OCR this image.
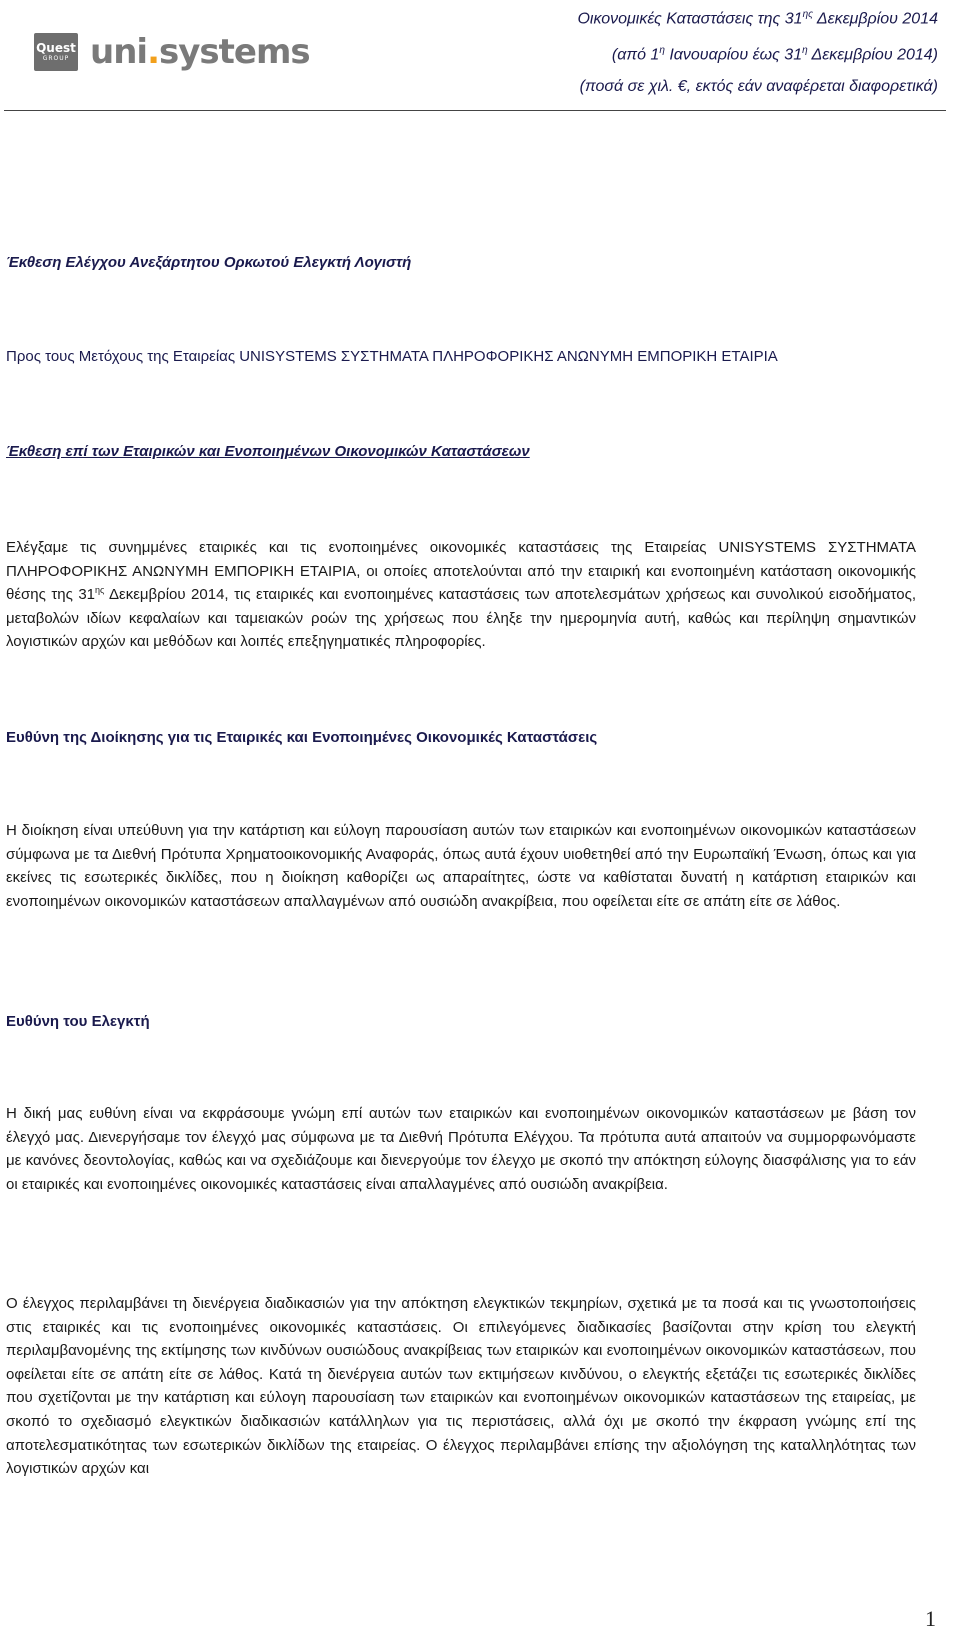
Quest
GROUP uni.systems
Οικονομικές Καταστάσεις της $31^{\eta\varsigma}$ Δεκεμβρίου 2014
(από $1^\eta$ Ιανουαρίου έως $31^\eta$ Δεκεμβρίου 2014)
(ποσά σε χιλ. €, εκτός εάν αναφέρεται διαφορετικά)
Έκθεση Ελέγχου Ανεξάρτητου Ορκωτού Ελεγκτή Λογιστή
Προς τους Μετόχους της Εταιρείας UNISYSTEMS ΣΥΣΤΗΜΑΤΑ ΠΛΗΡΟΦΟΡΙΚΗΣ ΑΝΩΝΥΜΗ ΕΜΠΟΡΙΚΗ ΕΤΑΙΡΙΑ
Έκθεση επί των Εταιρικών και Ενοποιημένων Οικονομικών Καταστάσεων
Ελέγξαμε τις συνημμένες εταιρικές και τις ενοποιημένες οικονομικές καταστάσεις της Εταιρείας UNISYSTEMS ΣΥΣΤΗΜΑΤΑ ΠΛΗΡΟΦΟΡΙΚΗΣ ΑΝΩΝΥΜΗ ΕΜΠΟΡΙΚΗ ΕΤΑΙΡΙΑ, οι οποίες αποτελούνται από την εταιρική και ενοποιημένη κατάσταση οικονομικής θέσης της $31^{\eta\varsigma}$ Δεκεμβρίου 2014, τις εταιρικές και ενοποιημένες καταστάσεις των αποτελεσμάτων χρήσεως και συνολικού εισοδήματος, μεταβολών ιδίων κεφαλαίων και ταμειακών ροών της χρήσεως που έληξε την ημερομηνία αυτή, καθώς και περίληψη σημαντικών λογιστικών αρχών και μεθόδων και λοιπές επεξηγηματικές πληροφορίες.
Ευθύνη της Διοίκησης για τις Εταιρικές και Ενοποιημένες Οικονομικές Καταστάσεις
Η διοίκηση είναι υπεύθυνη για την κατάρτιση και εύλογη παρουσίαση αυτών των εταιρικών και ενοποιημένων οικονομικών καταστάσεων σύμφωνα με τα Διεθνή Πρότυπα Χρηματοοικονομικής Αναφοράς, όπως αυτά έχουν υιοθετηθεί από την Ευρωπαϊκή Ένωση, όπως και για εκείνες τις εσωτερικές δικλίδες, που η διοίκηση καθορίζει ως απαραίτητες, ώστε να καθίσταται δυνατή η κατάρτιση εταιρικών και ενοποιημένων οικονομικών καταστάσεων απαλλαγμένων από ουσιώδη ανακρίβεια, που οφείλεται είτε σε απάτη είτε σε λάθος.
Ευθύνη του Ελεγκτή
Η δική μας ευθύνη είναι να εκφράσουμε γνώμη επί αυτών των εταιρικών και ενοποιημένων οικονομικών καταστάσεων με βάση τον έλεγχό μας. Διενεργήσαμε τον έλεγχό μας σύμφωνα με τα Διεθνή Πρότυπα Ελέγχου. Τα πρότυπα αυτά απαιτούν να συμμορφωνόμαστε με κανόνες δεοντολογίας, καθώς και να σχεδιάζουμε και διενεργούμε τον έλεγχο με σκοπό την απόκτηση εύλογης διασφάλισης για το εάν οι εταιρικές και ενοποιημένες οικονομικές καταστάσεις είναι απαλλαγμένες από ουσιώδη ανακρίβεια.
Ο έλεγχος περιλαμβάνει τη διενέργεια διαδικασιών για την απόκτηση ελεγκτικών τεκμηρίων, σχετικά με τα ποσά και τις γνωστοποιήσεις στις εταιρικές και τις ενοποιημένες οικονομικές καταστάσεις. Οι επιλεγόμενες διαδικασίες βασίζονται στην κρίση του ελεγκτή περιλαμβανομένης της εκτίμησης των κινδύνων ουσιώδους ανακρίβειας των εταιρικών και ενοποιημένων οικονομικών καταστάσεων, που οφείλεται είτε σε απάτη είτε σε λάθος. Κατά τη διενέργεια αυτών των εκτιμήσεων κινδύνου, ο ελεγκτής εξετάζει τις εσωτερικές δικλίδες που σχετίζονται με την κατάρτιση και εύλογη παρουσίαση των εταιρικών και ενοποιημένων οικονομικών καταστάσεων της εταιρείας, με σκοπό το σχεδιασμό ελεγκτικών διαδικασιών κατάλληλων για τις περιστάσεις, αλλά όχι με σκοπό την έκφραση γνώμης επί της αποτελεσματικότητας των εσωτερικών δικλίδων της εταιρείας. Ο έλεγχος περιλαμβάνει επίσης την αξιολόγηση της καταλληλότητας των λογιστικών αρχών και
1
